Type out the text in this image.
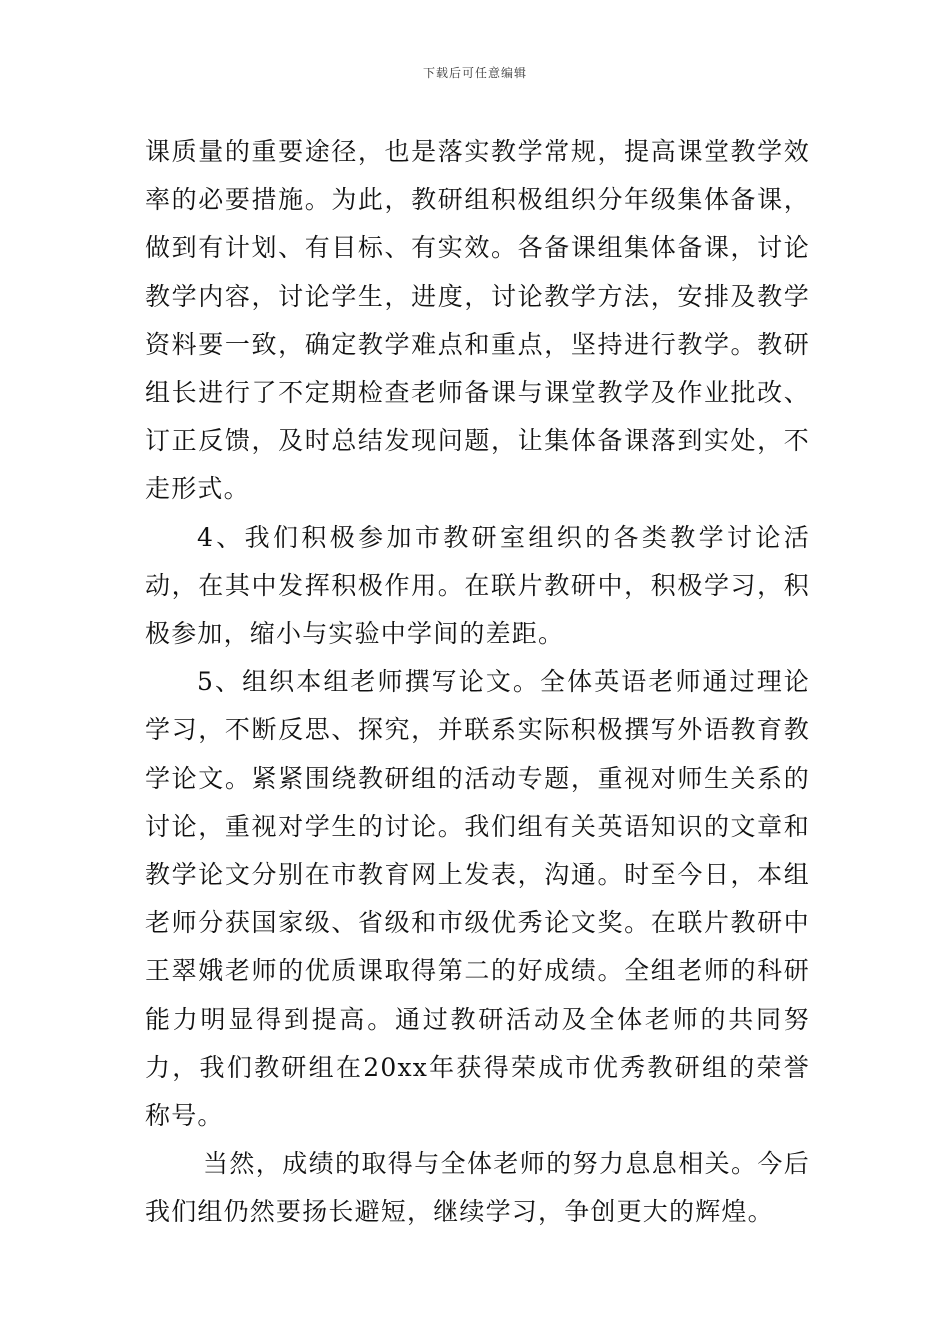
下载后可任意编辑

课质量的重要途径，也是落实教学常规，提高课堂教学效率的必要措施。为此，教研组积极组织分年级集体备课，做到有计划、有目标、有实效。各备课组集体备课，讨论教学内容，讨论学生，进度，讨论教学方法，安排及教学资料要一致，确定教学难点和重点，坚持进行教学。教研组长进行了不定期检查老师备课与课堂教学及作业批改、订正反馈，及时总结发现问题，让集体备课落到实处，不走形式。

4、我们积极参加市教研室组织的各类教学讨论活动，在其中发挥积极作用。在联片教研中，积极学习，积极参加，缩小与实验中学间的差距。

5、组织本组老师撰写论文。全体英语老师通过理论学习，不断反思、探究，并联系实际积极撰写外语教育教学论文。紧紧围绕教研组的活动专题，重视对师生关系的讨论，重视对学生的讨论。我们组有关英语知识的文章和教学论文分别在市教育网上发表，沟通。时至今日，本组老师分获国家级、省级和市级优秀论文奖。在联片教研中王翠娥老师的优质课取得第二的好成绩。全组老师的科研能力明显得到提高。通过教研活动及全体老师的共同努力，我们教研组在20xx年获得荣成市优秀教研组的荣誉称号。

当然，成绩的取得与全体老师的努力息息相关。今后我们组仍然要扬长避短，继续学习，争创更大的辉煌。
